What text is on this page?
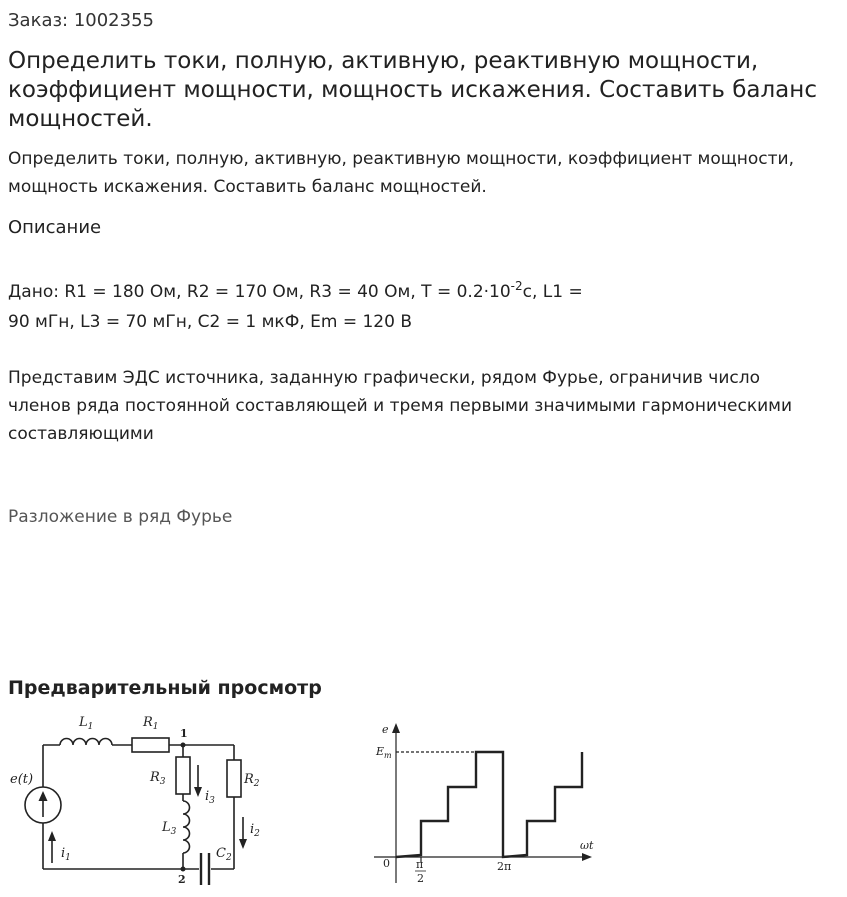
Заказ: 1002355
Определить токи, полную, активную, реактивную мощности, коэффициент мощности, мощность искажения. Составить баланс мощностей.
Определить токи, полную, активную, реактивную мощности, коэффициент мощности, мощность искажения. Составить баланс мощностей.
Описание
Дано: R1 = 180 Ом, R2 = 170 Ом, R3 = 40 Ом, $T = 0.2\cdot 10^{-2}с$, L1 =
90 мГн, L3 = 70 мГн, C2 = 1 мкФ, Em = 120 В
Представим ЭДС источника, заданную графически, рядом Фурье, ограничив число членов ряда постоянной составляющей и тремя первыми значимыми гармоническими составляющими
Разложение в ряд Фурье
Предварительный просмотр
e(t)
$L_1$	$R_1$
$R_3$
$i_3$
$R_2$
$L_3$	$i_2$
$C_2$
$i_1$
1
2
e
$E_m$
ωt
0 π
2
2π
